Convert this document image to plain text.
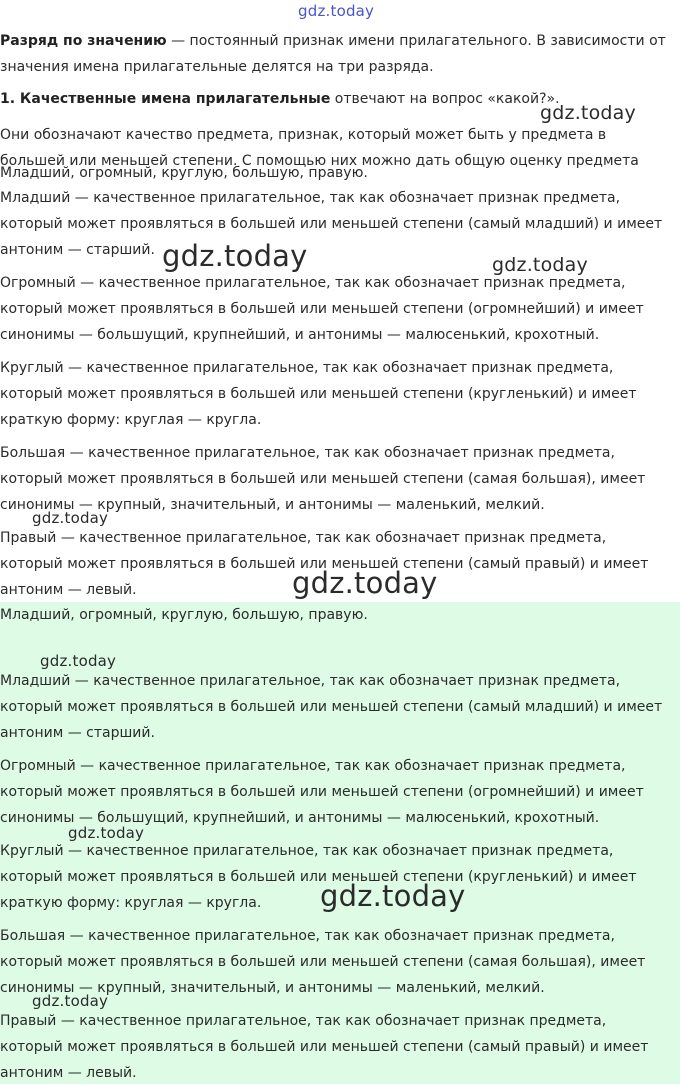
gdz.today
Разряд по значению — постоянный признак имени прилагательного. В зависимости от
значения имена прилагательные делятся на три разряда.
1. Качественные имена прилагательные отвечают на вопрос «какой?».
gdz.today
Они обозначают качество предмета, признак, который может быть у предмета в
большей или меньшей степени. С помощью них можно дать общую оценку предмета
Младший, огромный, круглую, большую, правую.
Младший — качественное прилагательное, так как обозначает признак предмета,
который может проявляться в большей или меньшей степени (самый младший) и имеет
антоним — старший.
Огромный — качественное прилагательное, так как обозначает признак предмета,
который может проявляться в большей или меньшей степени (огромнейший) и имеет
синонимы — большущий, крупнейший, и антонимы — малюсенький, крохотный.
Круглый — качественное прилагательное, так как обозначает признак предмета,
который может проявляться в большей или меньшей степени (кругленький) и имеет
краткую форму: круглая — кругла.
Большая — качественное прилагательное, так как обозначает признак предмета,
который может проявляться в большей или меньшей степени (самая большая), имеет
синонимы — крупный, значительный, и антонимы — маленький, мелкий.
Правый — качественное прилагательное, так как обозначает признак предмета,
который может проявляться в большей или меньшей степени (самый правый) и имеет
антоним — левый.
Младший, огромный, круглую, большую, правую.
Младший — качественное прилагательное, так как обозначает признак предмета,
который может проявляться в большей или меньшей степени (самый младший) и имеет
антоним — старший.
Огромный — качественное прилагательное, так как обозначает признак предмета,
который может проявляться в большей или меньшей степени (огромнейший) и имеет
синонимы — большущий, крупнейший, и антонимы — малюсенький, крохотный.
Круглый — качественное прилагательное, так как обозначает признак предмета,
который может проявляться в большей или меньшей степени (кругленький) и имеет
краткую форму: круглая — кругла.
Большая — качественное прилагательное, так как обозначает признак предмета,
который может проявляться в большей или меньшей степени (самая большая), имеет
синонимы — крупный, значительный, и антонимы — маленький, мелкий.
Правый — качественное прилагательное, так как обозначает признак предмета,
который может проявляться в большей или меньшей степени (самый правый) и имеет
антоним — левый.
gdz.today	gdz.today
gdz.today
gdz.today
gdz.today
gdz.today
gdz.today
gdz.today
